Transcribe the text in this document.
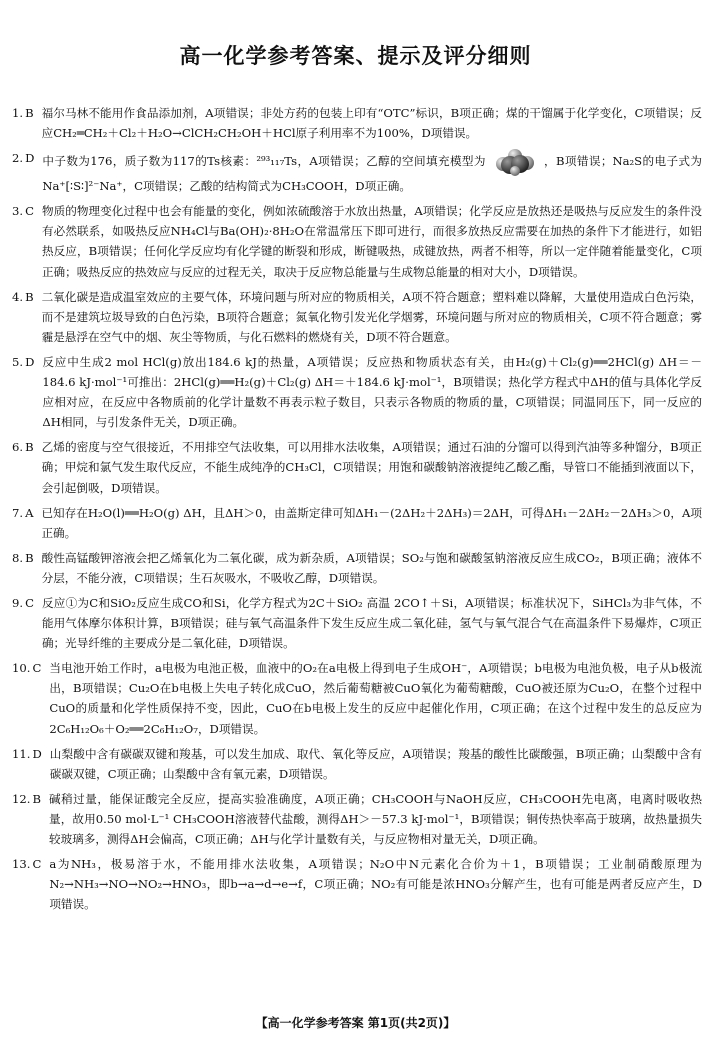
高一化学参考答案、提示及评分细则
1. B 福尔马林不能用作食品添加剂，A项错误；非处方药的包装上印有“OTC”标识，B项正确；煤的干馏属于化学变化，C项错误；反应CH₂═CH₂＋Cl₂＋H₂O→ClCH₂CH₂OH＋HCl原子利用率不为100%，D项错误。
2. D 中子数为176，质子数为117的Ts核素：²⁹³₁₁₇Ts，A项错误；乙醇的空间填充模型为	，B项错误；Na₂S的电子式为Na⁺[∶S∶]²⁻Na⁺，C项错误；乙酸的结构简式为CH₃COOH，D项正确。
3. C 物质的物理变化过程中也会有能量的变化，例如浓硫酸溶于水放出热量，A项错误；化学反应是放热还是吸热与反应发生的条件没有必然联系，如吸热反应NH₄Cl与Ba(OH)₂·8H₂O在常温常压下即可进行，而很多放热反应需要在加热的条件下才能进行，如铝热反应，B项错误；任何化学反应均有化学键的断裂和形成，断键吸热，成键放热，两者不相等，所以一定伴随着能量变化，C项正确；吸热反应的热效应与反应的过程无关，取决于反应物总能量与生成物总能量的相对大小，D项错误。
4. B 二氧化碳是造成温室效应的主要气体，环境问题与所对应的物质相关，A项不符合题意；塑料难以降解，大量使用造成白色污染，而不是建筑垃圾导致的白色污染，B项符合题意；氮氧化物引发光化学烟雾，环境问题与所对应的物质相关，C项不符合题意；雾霾是悬浮在空气中的烟、灰尘等物质，与化石燃料的燃烧有关，D项不符合题意。
5. D 反应中生成2 mol HCl(g)放出184.6 kJ的热量，A项错误；反应热和物质状态有关，由H₂(g)＋Cl₂(g)══2HCl(g) ΔH＝－184.6 kJ·mol⁻¹可推出：2HCl(g)══H₂(g)＋Cl₂(g) ΔH＝＋184.6 kJ·mol⁻¹，B项错误；热化学方程式中ΔH的值与具体化学反应相对应，在反应中各物质前的化学计量数不再表示粒子数目，只表示各物质的物质的量，C项错误；同温同压下，同一反应的ΔH相同，与引发条件无关，D项正确。
6. B 乙烯的密度与空气很接近，不用排空气法收集，可以用排水法收集，A项错误；通过石油的分馏可以得到汽油等多种馏分，B项正确；甲烷和氯气发生取代反应，不能生成纯净的CH₃Cl，C项错误；用饱和碳酸钠溶液提纯乙酸乙酯，导管口不能插到液面以下，会引起倒吸，D项错误。
7. A 已知存在H₂O(l)══H₂O(g) ΔH，且ΔH＞0，由盖斯定律可知ΔH₁－(2ΔH₂＋2ΔH₃)＝2ΔH，可得ΔH₁－2ΔH₂－2ΔH₃＞0，A项正确。
8. B 酸性高锰酸钾溶液会把乙烯氧化为二氧化碳，成为新杂质，A项错误；SO₂与饱和碳酸氢钠溶液反应生成CO₂，B项正确；液体不分层，不能分液，C项错误；生石灰吸水，不吸收乙醇，D项错误。
9. C 反应①为C和SiO₂反应生成CO和Si，化学方程式为2C＋SiO₂ 高温 2CO↑＋Si，A项错误；标准状况下，SiHCl₃为非气体，不能用气体摩尔体积计算，B项错误；硅与氧气高温条件下发生反应生成二氧化硅，氢气与氧气混合气在高温条件下易爆炸，C项正确；光导纤维的主要成分是二氧化硅，D项错误。
10. C 当电池开始工作时，a电极为电池正极，血液中的O₂在a电极上得到电子生成OH⁻，A项错误；b电极为电池负极，电子从b极流出，B项错误；Cu₂O在b电极上失电子转化成CuO，然后葡萄糖被CuO氧化为葡萄糖酸，CuO被还原为Cu₂O，在整个过程中CuO的质量和化学性质保持不变，因此，CuO在b电极上发生的反应中起催化作用，C项正确；在这个过程中发生的总反应为2C₆H₁₂O₆＋O₂══2C₆H₁₂O₇，D项错误。
11. D 山梨酸中含有碳碳双键和羧基，可以发生加成、取代、氧化等反应，A项错误；羧基的酸性比碳酸强，B项正确；山梨酸中含有碳碳双键，C项正确；山梨酸中含有氧元素，D项错误。
12. B 碱稍过量，能保证酸完全反应，提高实验准确度，A项正确；CH₃COOH与NaOH反应，CH₃COOH先电离，电离时吸收热量，故用0.50 mol·L⁻¹ CH₃COOH溶液替代盐酸，测得ΔH＞－57.3 kJ·mol⁻¹，B项错误；铜传热快率高于玻璃，故热量损失较玻璃多，测得ΔH会偏高，C项正确；ΔH与化学计量数有关，与反应物相对量无关，D项正确。
13. C a为NH₃，极易溶于水，不能用排水法收集，A项错误；N₂O中N元素化合价为＋1，B项错误；工业制硝酸原理为N₂→NH₃→NO→NO₂→HNO₃，即b→a→d→e→f，C项正确；NO₂有可能是浓HNO₃分解产生，也有可能是两者反应产生，D项错误。
【高一化学参考答案 第1页(共2页)】
